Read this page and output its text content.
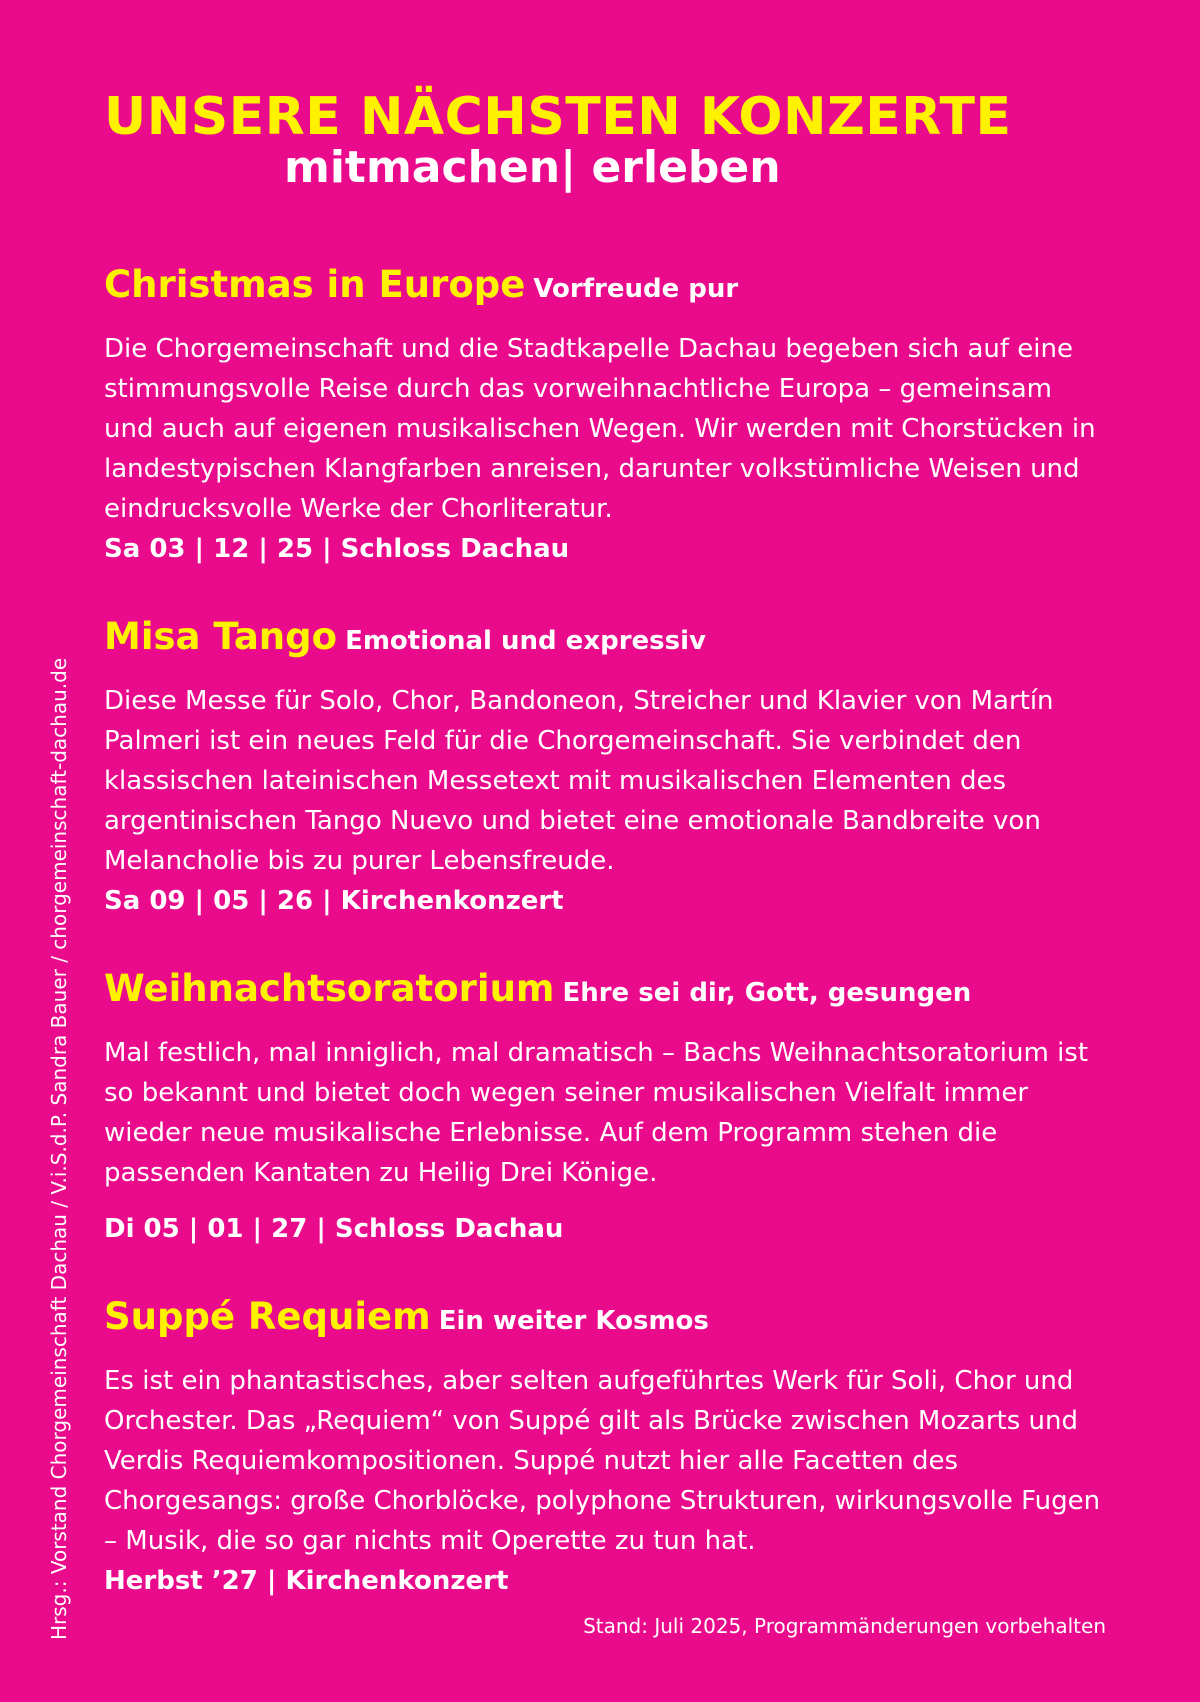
UNSERE NÄCHSTEN KONZERTE
mitmachen| erleben

Christmas in Europe Vorfreude pur

Die Chorgemeinschaft und die Stadtkapelle Dachau begeben sich auf eine stimmungsvolle Reise durch das vorweihnachtliche Europa – gemeinsam und auch auf eigenen musikalischen Wegen. Wir werden mit Chorstücken in landestypischen Klangfarben anreisen, darunter volkstümliche Weisen und eindrucksvolle Werke der Chorliteratur.

Sa 03 | 12 | 25 | Schloss Dachau

Misa Tango Emotional und expressiv

Diese Messe für Solo, Chor, Bandoneon, Streicher und Klavier von Martín Palmeri ist ein neues Feld für die Chorgemeinschaft. Sie verbindet den klassischen lateinischen Messetext mit musikalischen Elementen des argentinischen Tango Nuevo und bietet eine emotionale Bandbreite von Melancholie bis zu purer Lebensfreude.

Sa 09 | 05 | 26 | Kirchenkonzert

Weihnachtsoratorium Ehre sei dir, Gott, gesungen

Mal festlich, mal inniglich, mal dramatisch – Bachs Weihnachtsoratorium ist so bekannt und bietet doch wegen seiner musikalischen Vielfalt immer wieder neue musikalische Erlebnisse. Auf dem Programm stehen die passenden Kantaten zu Heilig Drei Könige.

Di 05 | 01 | 27 | Schloss Dachau

Suppé Requiem Ein weiter Kosmos

Es ist ein phantastisches, aber selten aufgeführtes Werk für Soli, Chor und Orchester. Das „Requiem“ von Suppé gilt als Brücke zwischen Mozarts und Verdis Requiemkompositionen. Suppé nutzt hier alle Facetten des Chorgesangs: große Chorblöcke, polyphone Strukturen, wirkungsvolle Fugen – Musik, die so gar nichts mit Operette zu tun hat.

Herbst ’27 | Kirchenkonzert

Stand: Juli 2025, Programmänderungen vorbehalten

Hrsg.: Vorstand Chorgemeinschaft Dachau / V.i.S.d.P. Sandra Bauer / chorgemeinschaft-dachau.de
